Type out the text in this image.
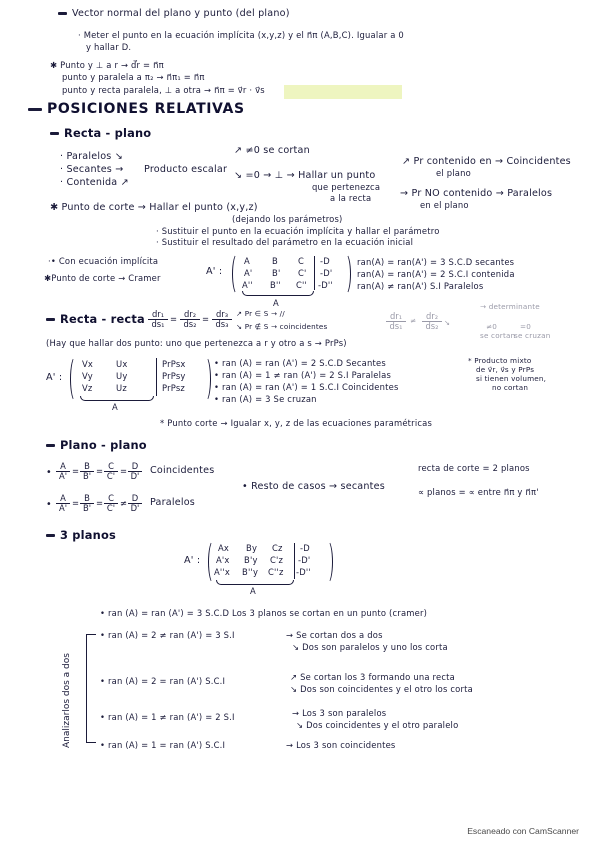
Vector normal del plano y punto (del plano)
· Meter el punto en la ecuación implícita (x,y,z) y el n⃗π (A,B,C). Igualar a 0
y hallar D.
✱ Punto y ⊥ a r → d⃗r = n⃗π
punto y paralela a π₂ → n⃗π₁ = n⃗π
punto y recta paralela, ⊥ a otra → n⃗π = v⃗r · v⃗s
POSICIONES RELATIVAS
Recta - plano
· Paralelos ↘
· Secantes →
· Contenida ↗
Producto escalar
↗ ≠0 se cortan
↘ =0 → ⊥ → Hallar un punto
que pertenezca
a la recta
↗ Pr contenido en → Coincidentes
el plano
→ Pr NO contenido → Paralelos
en el plano
✱ Punto de corte → Hallar el punto (x,y,z)
(dejando los parámetros)
· Sustituir el punto en la ecuación implícita y hallar el parámetro
· Sustituir el resultado del parámetro en la ecuación inicial
·• Con ecuación implícita
✱Punto de corte → Cramer
A' :
A	B C -D
A' B' C' -D'
A'' B'' C'' -D''
A
ran(A) = ran(A') = 3 S.C.D secantes
ran(A) = ran(A') = 2 S.C.I contenida
ran(A) ≠ ran(A') S.I Paralelos
Recta - recta $\frac{\text{dr₁}}{\text{ds₁}} = \frac{\text{dr₂}}{\text{ds₂}} = \frac{\text{dr₃}}{\text{ds₃}}$ ↗ Pr ∈ S → //
↘ Pr ∉ S → coincidentes	$\frac{\text{dr₁}}{\text{ds₁}} \ne \frac{\text{dr₂}}{\text{ds₂}}$ ↘
→ determinante
≠0
se cortan
=0
se cruzan
(Hay que hallar dos punto: uno que pertenezca a r y otro a s → PrPs)
A' :
Vx	Ux	PrPsx
Vy	Uy	PrPsy
Vz	Uz	PrPsz
A
• ran (A) = ran (A') = 2 S.C.D Secantes
• ran (A) = 1 ≠ ran (A') = 2 S.I Paralelas
• ran (A) = ran (A') = 1 S.C.I Coincidentes
• ran (A) = 3 Se cruzan
* Producto mixto
de v⃗r, v⃗s y PrPs
si tienen volumen,
no cortan
* Punto corte → Igualar x, y, z de las ecuaciones paramétricas
Plano - plano
• $\frac{A}{A'} = \frac{B}{B'} = \frac{C}{C'} = \frac{D}{D'}$ Coincidentes
• $\frac{A}{A'} = \frac{B}{B'} = \frac{C}{C'} \ne \frac{D}{D'}$ Paralelos
• Resto de casos → secantes
recta de corte = 2 planos
∝ planos = ∝ entre n⃗π y n⃗π'
3 planos
A' :
Ax By Cz -D
A'x B'y C'z -D'
A''x B''y C''z -D''
A
Analizarlos dos a dos
• ran (A) = ran (A') = 3 S.C.D Los 3 planos se cortan en un punto (cramer)
• ran (A) = 2 ≠ ran (A') = 3 S.I	→ Se cortan dos a dos
↘ Dos son paralelos y uno los corta
• ran (A) = 2 = ran (A') S.C.I	↗ Se cortan los 3 formando una recta
↘ Dos son coincidentes y el otro los corta
• ran (A) = 1 ≠ ran (A') = 2 S.I	→ Los 3 son paralelos
↘ Dos coincidentes y el otro paralelo
• ran (A) = 1 = ran (A') S.C.I	→ Los 3 son coincidentes
Escaneado con CamScanner
